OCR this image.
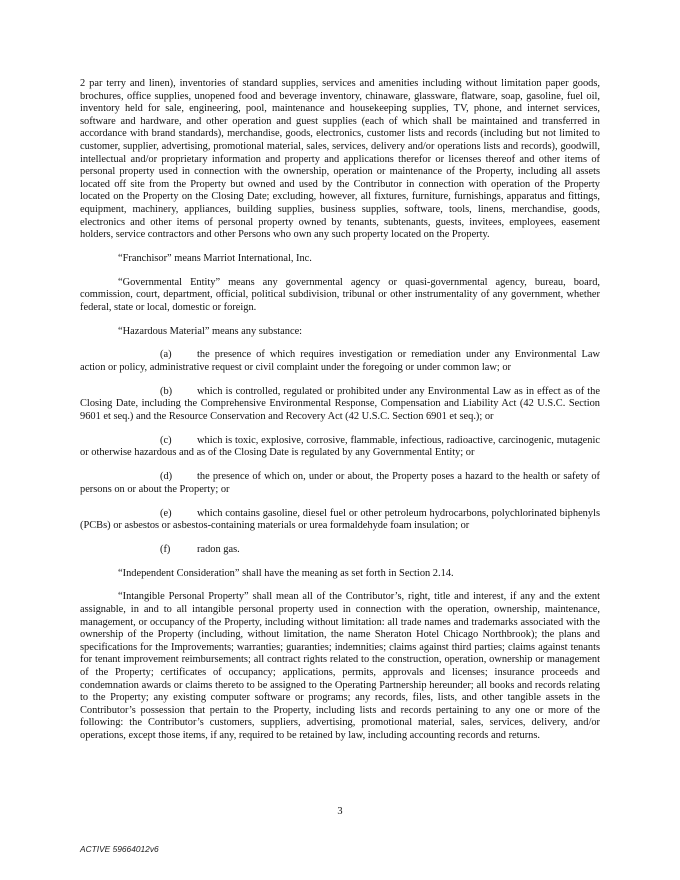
2 par terry and linen), inventories of standard supplies, services and amenities including without limitation paper goods, brochures, office supplies, unopened food and beverage inventory, chinaware, glassware, flatware, soap, gasoline, fuel oil, inventory held for sale, engineering, pool, maintenance and housekeeping supplies, TV, phone, and internet services, software and hardware, and other operation and guest supplies (each of which shall be maintained and transferred in accordance with brand standards), merchandise, goods, electronics, customer lists and records (including but not limited to customer, supplier, advertising, promotional material, sales, services, delivery and/or operations lists and records), goodwill, intellectual and/or proprietary information and property and applications therefor or licenses thereof and other items of personal property used in connection with the ownership, operation or maintenance of the Property, including all assets located off site from the Property but owned and used by the Contributor in connection with operation of the Property located on the Property on the Closing Date; excluding, however, all fixtures, furniture, furnishings, apparatus and fittings, equipment, machinery, appliances, building supplies, business supplies, software, tools, linens, merchandise, goods, electronics and other items of personal property owned by tenants, subtenants, guests, invitees, employees, easement holders, service contractors and other Persons who own any such property located on the Property.

“Franchisor” means Marriot International, Inc.

“Governmental Entity” means any governmental agency or quasi-governmental agency, bureau, board, commission, court, department, official, political subdivision, tribunal or other instrumentality of any government, whether federal, state or local, domestic or foreign.

“Hazardous Material” means any substance:

(a) the presence of which requires investigation or remediation under any Environmental Law action or policy, administrative request or civil complaint under the foregoing or under common law; or

(b) which is controlled, regulated or prohibited under any Environmental Law as in effect as of the Closing Date, including the Comprehensive Environmental Response, Compensation and Liability Act (42 U.S.C. Section 9601 et seq.) and the Resource Conservation and Recovery Act (42 U.S.C. Section 6901 et seq.); or

(c) which is toxic, explosive, corrosive, flammable, infectious, radioactive, carcinogenic, mutagenic or otherwise hazardous and as of the Closing Date is regulated by any Governmental Entity; or

(d) the presence of which on, under or about, the Property poses a hazard to the health or safety of persons on or about the Property; or

(e) which contains gasoline, diesel fuel or other petroleum hydrocarbons, polychlorinated biphenyls (PCBs) or asbestos or asbestos-containing materials or urea formaldehyde foam insulation; or

(f)	radon gas.

“Independent Consideration” shall have the meaning as set forth in Section 2.14.

“Intangible Personal Property” shall mean all of the Contributor’s, right, title and interest, if any and the extent assignable, in and to all intangible personal property used in connection with the operation, ownership, maintenance, management, or occupancy of the Property, including without limitation: all trade names and trademarks associated with the ownership of the Property (including, without limitation, the name Sheraton Hotel Chicago Northbrook); the plans and specifications for the Improvements; warranties; guaranties; indemnities; claims against third parties; claims against tenants for tenant improvement reimbursements; all contract rights related to the construction, operation, ownership or management of the Property; certificates of occupancy; applications, permits, approvals and licenses; insurance proceeds and condemnation awards or claims thereto to be assigned to the Operating Partnership hereunder; all books and records relating to the Property; any existing computer software or programs; any records, files, lists, and other tangible assets in the Contributor’s possession that pertain to the Property, including lists and records pertaining to any one or more of the following: the Contributor’s customers, suppliers, advertising, promotional material, sales, services, delivery, and/or operations, except those items, if any, required to be retained by law, including accounting records and returns.

3
ACTIVE 59664012v6
